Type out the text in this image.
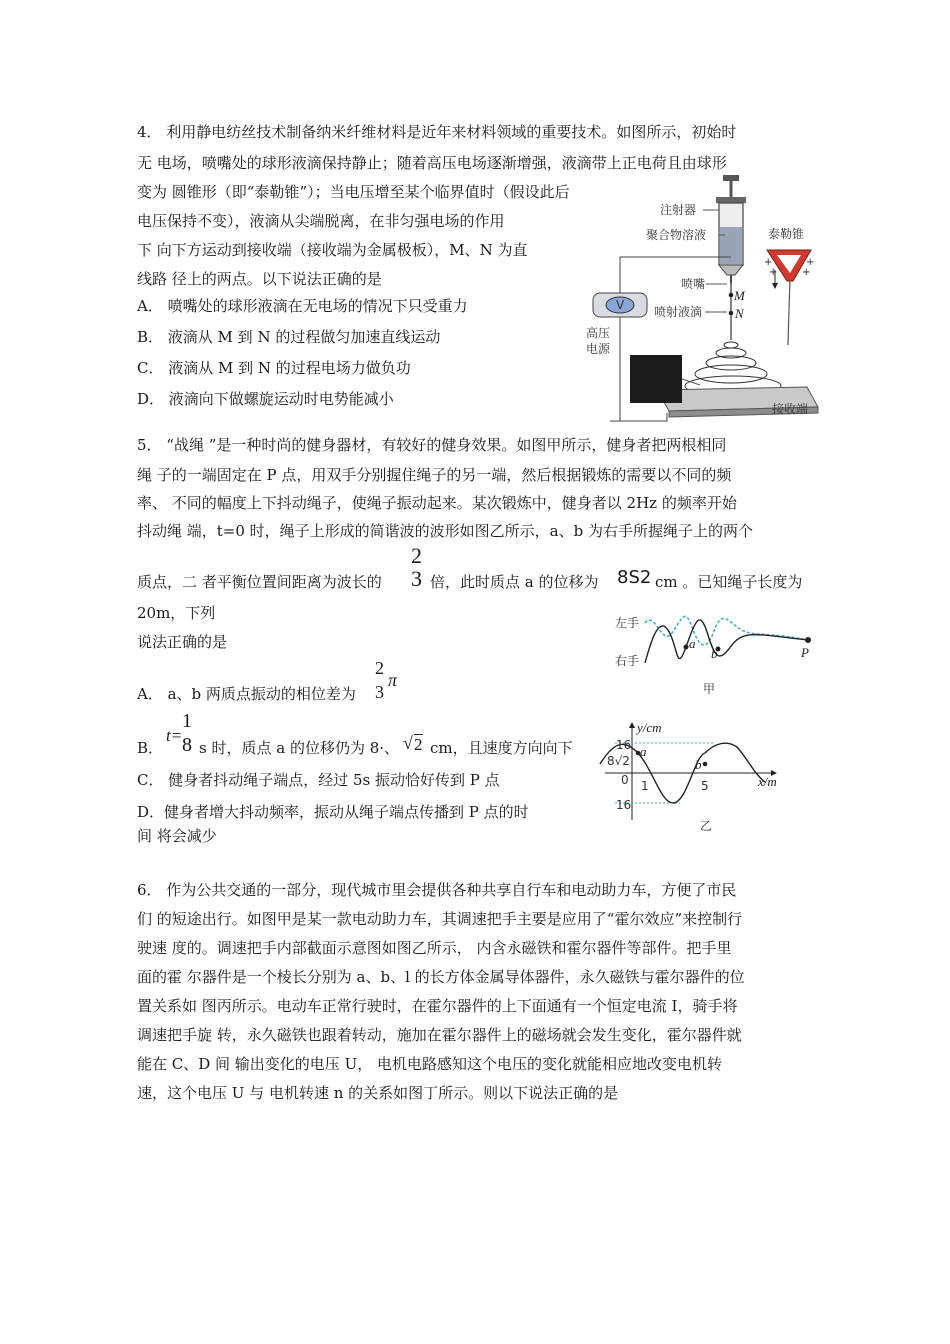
4． 利用静电纺丝技术制备纳米纤维材料是近年来材料领域的重要技术。如图所示，初始时
无 电场，喷嘴处的球形液滴保持静止；随着高压电场逐渐增强，液滴带上正电荷且由球形
变为 圆锥形（即“泰勒锥”）；当电压增至某个临界值时（假设此后
电压保持不变），液滴从尖端脱离，在非匀强电场的作用
下 向下方运动到接收端（接收端为金属极板），M、N 为直
线路 径上的两点。以下说法正确的是
A． 喷嘴处的球形液滴在无电场的情况下只受重力
B． 液滴从 M 到 N 的过程做匀加速直线运动
C． 液滴从 M 到 N 的过程电场力做负功
D． 液滴向下做螺旋运动时电势能减小
注射器
聚合物溶液
喷嘴
喷射液滴
M
N
接收端
V
高压
电源
泰勒锥
+	+
+ +
5． “战绳 ”是一种时尚的健身器材，有较好的健身效果。如图甲所示，健身者把两根相同
绳 子的一端固定在 P 点，用双手分别握住绳子的另一端，然后根据锻炼的需要以不同的频
率、 不同的幅度上下抖动绳子，使绳子振动起来。某次锻炼中，健身者以 2Hz 的频率开始
抖动绳 端，t=0 时，绳子上形成的简谐波的波形如图乙所示，a、b 为右手所握绳子上的两个
质点，二 者平衡位置间距离为波长的
2
3 倍，此时质点 a 的位移为 8S2 cm 。已知绳子长度为
20m，下列
说法正确的是
A． a、b 两质点振动的相位差为
2
3
π
B．
t=
1
8 s 时，质点 a 的位移仍为 8·、 √ 2 cm，且速度方向向下
C． 健身者抖动绳子端点，经过 5s 振动恰好传到 P 点
D．健身者增大抖动频率，振动从绳子端点传播到 P 点的时
间 将会减少
左手
右手
a
b	P
甲
y/cm
x/m
a
b
16
8√2
0
16
1	5
乙
6． 作为公共交通的一部分，现代城市里会提供各种共享自行车和电动助力车，方便了市民
们 的短途出行。如图甲是某一款电动助力车，其调速把手主要是应用了“霍尔效应”来控制行
驶速 度的。调速把手内部截面示意图如图乙所示， 内含永磁铁和霍尔器件等部件。把手里
面的霍 尔器件是一个棱长分别为 a、b、l 的长方体金属导体器件，永久磁铁与霍尔器件的位
置关系如 图丙所示。电动车正常行驶时，在霍尔器件的上下面通有一个恒定电流 I，骑手将
调速把手旋 转，永久磁铁也跟着转动，施加在霍尔器件上的磁场就会发生变化，霍尔器件就
能在 C、D 间 输出变化的电压 U， 电机电路感知这个电压的变化就能相应地改变电机转
速，这个电压 U 与 电机转速 n 的关系如图丁所示。则以下说法正确的是
